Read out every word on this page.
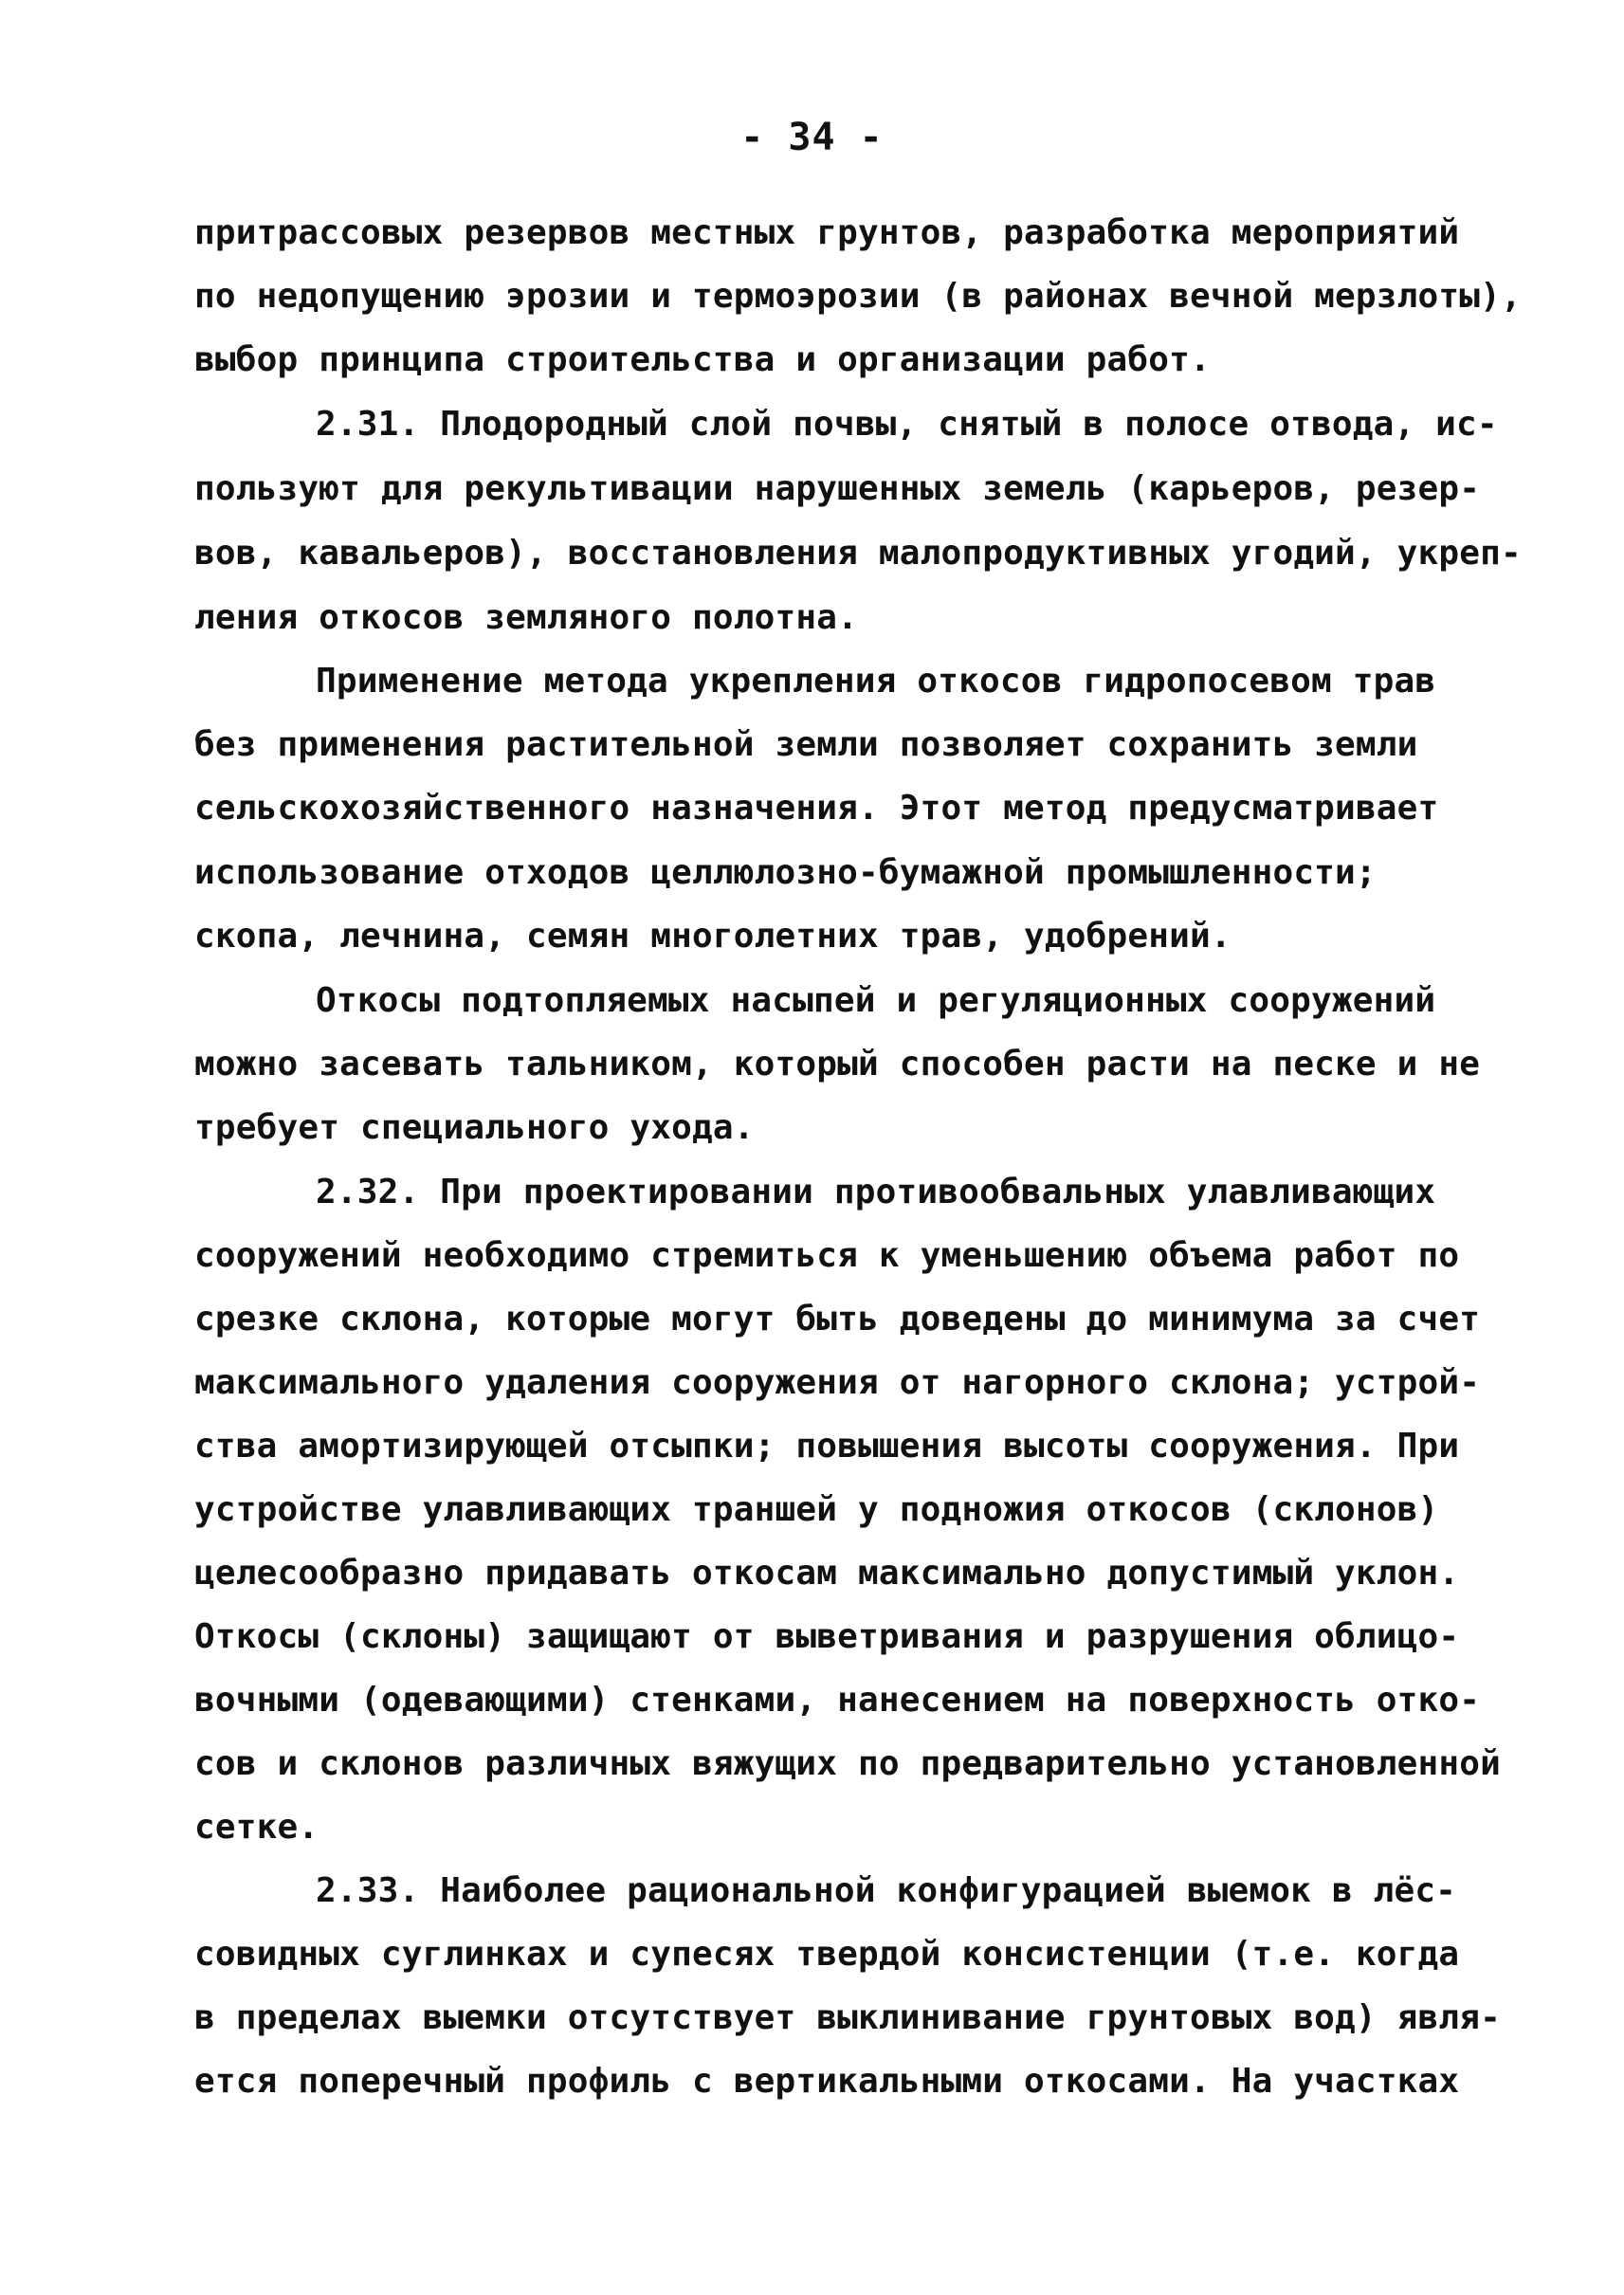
- 34 -
притрассовых резервов местных грунтов, разработка мероприятий
по недопущению эрозии и термоэрозии (в районах вечной мерзлоты),
выбор принципа строительства и организации работ.
2.31. Плодородный слой почвы, снятый в полосе отвода, ис-
пользуют для рекультивации нарушенных земель (карьеров, резер-
вов, кавальеров), восстановления малопродуктивных угодий, укреп-
ления откосов земляного полотна.
Применение метода укрепления откосов гидропосевом трав
без применения растительной земли позволяет сохранить земли
сельскохозяйственного назначения. Этот метод предусматривает
использование отходов целлюлозно-бумажной промышленности;
скопа, лечнина, семян многолетних трав, удобрений.
Откосы подтопляемых насыпей и регуляционных сооружений
можно засевать тальником, который способен расти на песке и не
требует специального ухода.
2.32. При проектировании противообвальных улавливающих
сооружений необходимо стремиться к уменьшению объема работ по
срезке склона, которые могут быть доведены до минимума за счет
максимального удаления сооружения от нагорного склона; устрой-
ства амортизирующей отсыпки; повышения высоты сооружения. При
устройстве улавливающих траншей у подножия откосов (склонов)
целесообразно придавать откосам максимально допустимый уклон.
Откосы (склоны) защищают от выветривания и разрушения облицо-
вочными (одевающими) стенками, нанесением на поверхность отко-
сов и склонов различных вяжущих по предварительно установленной
сетке.
2.33. Наиболее рациональной конфигурацией выемок в лёс-
совидных суглинках и супесях твердой консистенции (т.е. когда
в пределах выемки отсутствует выклинивание грунтовых вод) явля-
ется поперечный профиль с вертикальными откосами. На участках
